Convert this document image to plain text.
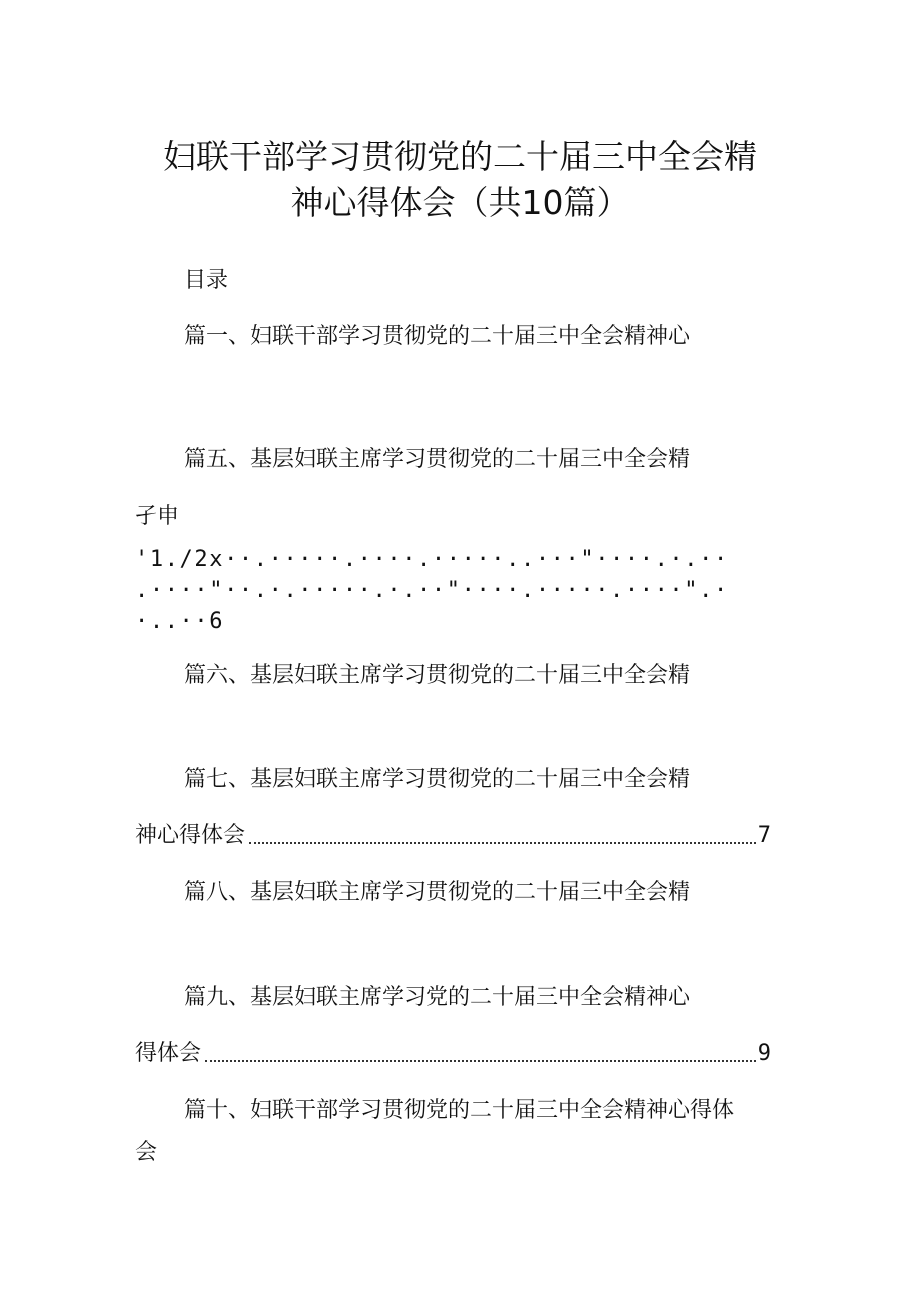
妇联干部学习贯彻党的二十届三中全会精
神心得体会（共10篇）
目录
篇一、妇联干部学习贯彻党的二十届三中全会精神心
篇五、基层妇联主席学习贯彻党的二十届三中全会精
孑申
'1./2x··.·····.····.·····..···"····.·.··
.····"··.·.·····.·.··"····.·····.····".·
·..··6
篇六、基层妇联主席学习贯彻党的二十届三中全会精
篇七、基层妇联主席学习贯彻党的二十届三中全会精
神心得体会	7
篇八、基层妇联主席学习贯彻党的二十届三中全会精
篇九、基层妇联主席学习党的二十届三中全会精神心
得体会	9
篇十、妇联干部学习贯彻党的二十届三中全会精神心得体
会
